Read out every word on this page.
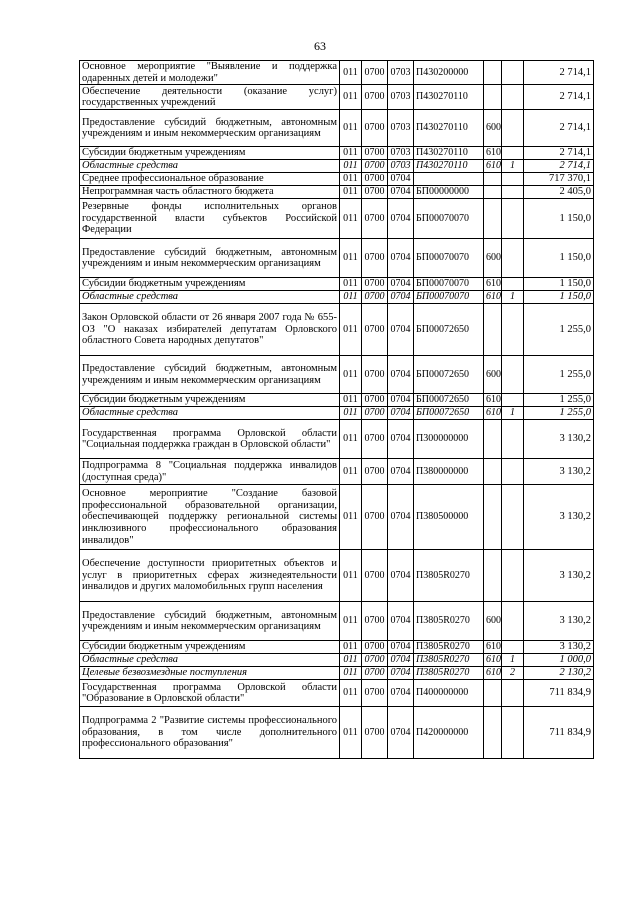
63
Основное мероприятие "Выявление и поддержка одаренных детей и молодежи"	011	0700	0703	П430200000			2 714,1
Обеспечение деятельности (оказание услуг) государственных учреждений	011	0700	0703	П430270110			2 714,1
Предоставление субсидий бюджетным, автономным учреждениям и иным некоммерческим организациям	011	0700	0703	П430270110	600		2 714,1
Субсидии бюджетным учреждениям	011	0700	0703	П430270110	610		2 714,1
Областные средства	011	0700	0703	П430270110	610	1	2 714,1
Среднее профессиональное образование	011	0700	0704				717 370,1
Непрограммная часть областного бюджета	011	0700	0704	БП00000000			2 405,0
Резервные фонды исполнительных органов государственной власти субъектов Российской Федерации	011	0700	0704	БП00070070			1 150,0
Предоставление субсидий бюджетным, автономным учреждениям и иным некоммерческим организациям	011	0700	0704	БП00070070	600		1 150,0
Субсидии бюджетным учреждениям	011	0700	0704	БП00070070	610		1 150,0
Областные средства	011	0700	0704	БП00070070	610	1	1 150,0
Закон Орловской области от 26 января 2007 года № 655-ОЗ "О наказах избирателей депутатам Орловского областного Совета народных депутатов"	011	0700	0704	БП00072650			1 255,0
Предоставление субсидий бюджетным, автономным учреждениям и иным некоммерческим организациям	011	0700	0704	БП00072650	600		1 255,0
Субсидии бюджетным учреждениям	011	0700	0704	БП00072650	610		1 255,0
Областные средства	011	0700	0704	БП00072650	610	1	1 255,0
Государственная программа Орловской области "Социальная поддержка граждан в Орловской области"	011	0700	0704	П300000000			3 130,2
Подпрограмма 8 "Социальная поддержка инвалидов (доступная среда)"	011	0700	0704	П380000000			3 130,2
Основное мероприятие "Создание базовой профессиональной образовательной организации, обеспечивающей поддержку региональной системы инклюзивного профессионального образования инвалидов"	011	0700	0704	П380500000			3 130,2
Обеспечение доступности приоритетных объектов и услуг в приоритетных сферах жизнедеятельности инвалидов и других маломобильных групп населения	011	0700	0704	П3805R0270			3 130,2
Предоставление субсидий бюджетным, автономным учреждениям и иным некоммерческим организациям	011	0700	0704	П3805R0270	600		3 130,2
Субсидии бюджетным учреждениям	011	0700	0704	П3805R0270	610		3 130,2
Областные средства	011	0700	0704	П3805R0270	610	1	1 000,0
Целевые безвозмездные поступления	011	0700	0704	П3805R0270	610	2	2 130,2
Государственная программа Орловской области "Образование в Орловской области"	011	0700	0704	П400000000			711 834,9
Подпрограмма 2 "Развитие системы профессионального образования, в том числе дополнительного профессионального образования"	011	0700	0704	П420000000			711 834,9
